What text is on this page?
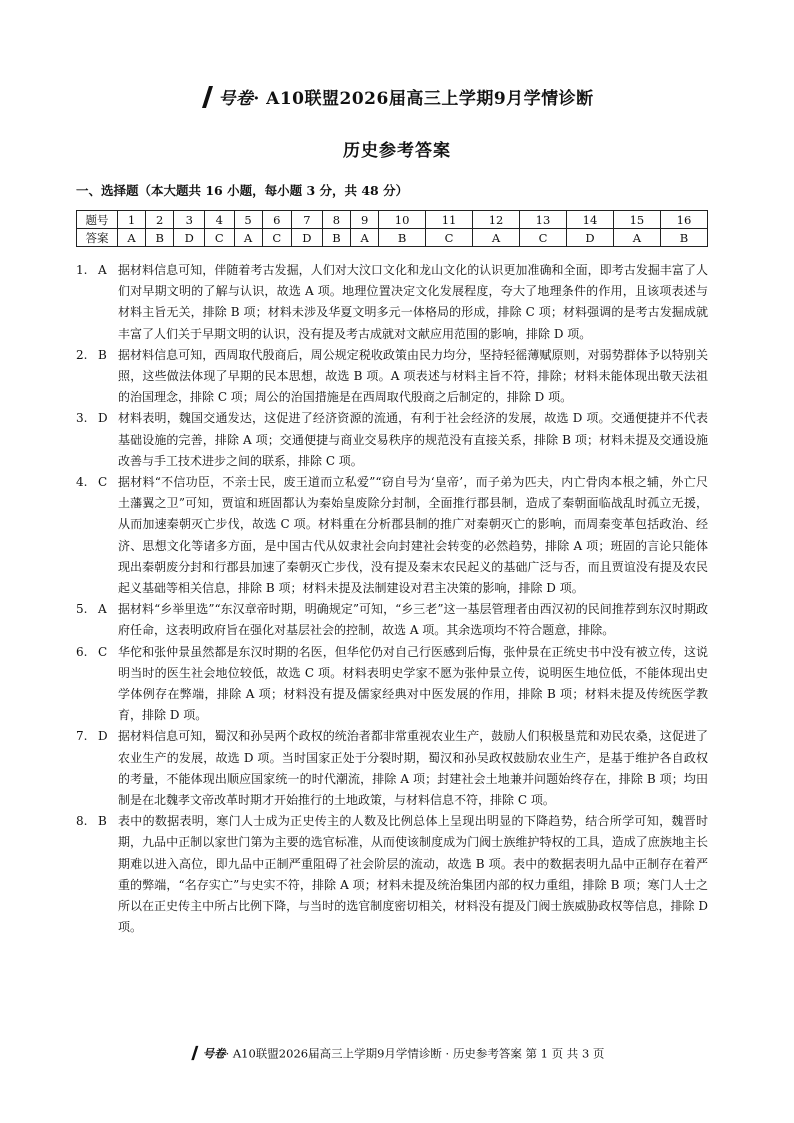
号卷· A10联盟2026届高三上学期9月学情诊断
历史参考答案
一、选择题（本大题共 16 小题，每小题 3 分，共 48 分）
题号	1	2	3	4	5	6	7	8	9	10	11	12	13	14	15	16
答案	A	B	D	C	A	C	D	B	A	B	C	A	C	D	A	B
1. A 据材料信息可知，伴随着考古发掘，人们对大汶口文化和龙山文化的认识更加准确和全面，即考古发掘丰富了人们对早期文明的了解与认识，故选 A 项。地理位置决定文化发展程度，夸大了地理条件的作用，且该项表述与材料主旨无关，排除 B 项；材料未涉及华夏文明多元一体格局的形成，排除 C 项；材料强调的是考古发掘成就丰富了人们关于早期文明的认识，没有提及考古成就对文献应用范围的影响，排除 D 项。
2. B 据材料信息可知，西周取代殷商后，周公规定税收政策由民力均分，坚持轻徭薄赋原则，对弱势群体予以特别关照，这些做法体现了早期的民本思想，故选 B 项。A 项表述与材料主旨不符，排除；材料未能体现出敬天法祖的治国理念，排除 C 项；周公的治国措施是在西周取代殷商之后制定的，排除 D 项。
3. D 材料表明，魏国交通发达，这促进了经济资源的流通，有利于社会经济的发展，故选 D 项。交通便捷并不代表基础设施的完善，排除 A 项；交通便捷与商业交易秩序的规范没有直接关系，排除 B 项；材料未提及交通设施改善与手工技术进步之间的联系，排除 C 项。
4. C 据材料“不信功臣，不亲士民，废王道而立私爱”“窃自号为‘皇帝’，而子弟为匹夫，内亡骨肉本根之辅，外亡尺土藩翼之卫”可知，贾谊和班固都认为秦始皇废除分封制，全面推行郡县制，造成了秦朝面临战乱时孤立无援，从而加速秦朝灭亡步伐，故选 C 项。材料重在分析郡县制的推广对秦朝灭亡的影响，而周秦变革包括政治、经济、思想文化等诸多方面，是中国古代从奴隶社会向封建社会转变的必然趋势，排除 A 项；班固的言论只能体现出秦朝废分封和行郡县加速了秦朝灭亡步伐，没有提及秦末农民起义的基础广泛与否，而且贾谊没有提及农民起义基础等相关信息，排除 B 项；材料未提及法制建设对君主决策的影响，排除 D 项。
5. A 据材料“乡举里选”“东汉章帝时期，明确规定”可知，“乡三老”这一基层管理者由西汉初的民间推荐到东汉时期政府任命，这表明政府旨在强化对基层社会的控制，故选 A 项。其余选项均不符合题意，排除。
6. C 华佗和张仲景虽然都是东汉时期的名医，但华佗仍对自己行医感到后悔，张仲景在正统史书中没有被立传，这说明当时的医生社会地位较低，故选 C 项。材料表明史学家不愿为张仲景立传，说明医生地位低，不能体现出史学体例存在弊端，排除 A 项；材料没有提及儒家经典对中医发展的作用，排除 B 项；材料未提及传统医学教育，排除 D 项。
7. D 据材料信息可知，蜀汉和孙吴两个政权的统治者都非常重视农业生产，鼓励人们积极垦荒和劝民农桑，这促进了农业生产的发展，故选 D 项。当时国家正处于分裂时期，蜀汉和孙吴政权鼓励农业生产，是基于维护各自政权的考量，不能体现出顺应国家统一的时代潮流，排除 A 项；封建社会土地兼并问题始终存在，排除 B 项；均田制是在北魏孝文帝改革时期才开始推行的土地政策，与材料信息不符，排除 C 项。
8. B 表中的数据表明，寒门人士成为正史传主的人数及比例总体上呈现出明显的下降趋势，结合所学可知，魏晋时期，九品中正制以家世门第为主要的选官标准，从而使该制度成为门阀士族维护特权的工具，造成了庶族地主长期难以进入高位，即九品中正制严重阻碍了社会阶层的流动，故选 B 项。表中的数据表明九品中正制存在着严重的弊端，“名存实亡”与史实不符，排除 A 项；材料未提及统治集团内部的权力重组，排除 B 项；寒门人士之所以在正史传主中所占比例下降，与当时的选官制度密切相关，材料没有提及门阀士族威胁政权等信息，排除 D 项。
号卷· A10联盟2026届高三上学期9月学情诊断 · 历史参考答案 第 1 页 共 3 页
